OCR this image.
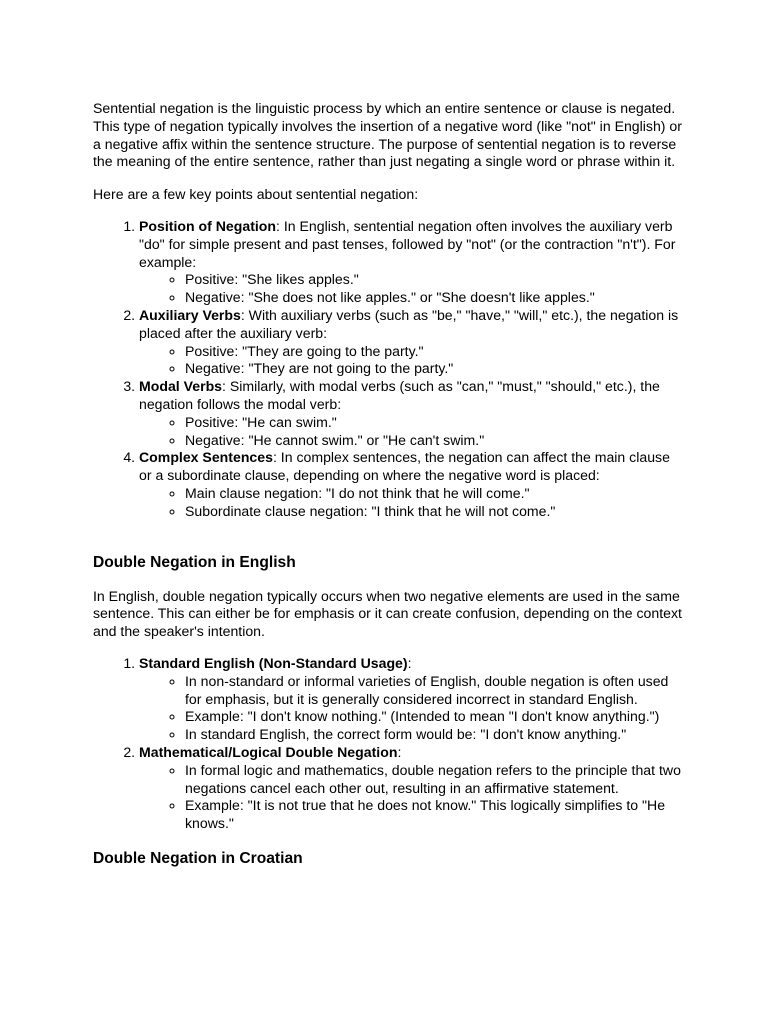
Sentential negation is the linguistic process by which an entire sentence or clause is negated. This type of negation typically involves the insertion of a negative word (like "not" in English) or a negative affix within the sentence structure. The purpose of sentential negation is to reverse the meaning of the entire sentence, rather than just negating a single word or phrase within it.

Here are a few key points about sentential negation:

1. Position of Negation: In English, sentential negation often involves the auxiliary verb "do" for simple present and past tenses, followed by "not" (or the contraction "n't"). For example:
◦ Positive: "She likes apples."
◦ Negative: "She does not like apples." or "She doesn't like apples."
2. Auxiliary Verbs: With auxiliary verbs (such as "be," "have," "will," etc.), the negation is placed after the auxiliary verb:
◦ Positive: "They are going to the party."
◦ Negative: "They are not going to the party."
3. Modal Verbs: Similarly, with modal verbs (such as "can," "must," "should," etc.), the negation follows the modal verb:
◦ Positive: "He can swim."
◦ Negative: "He cannot swim." or "He can't swim."
4. Complex Sentences: In complex sentences, the negation can affect the main clause or a subordinate clause, depending on where the negative word is placed:
◦ Main clause negation: "I do not think that he will come."
◦ Subordinate clause negation: "I think that he will not come."
Double Negation in English

In English, double negation typically occurs when two negative elements are used in the same sentence. This can either be for emphasis or it can create confusion, depending on the context and the speaker's intention.

1. Standard English (Non-Standard Usage):
◦ In non-standard or informal varieties of English, double negation is often used for emphasis, but it is generally considered incorrect in standard English.
◦ Example: "I don't know nothing." (Intended to mean "I don't know anything.")
◦ In standard English, the correct form would be: "I don't know anything."
2. Mathematical/Logical Double Negation:
◦ In formal logic and mathematics, double negation refers to the principle that two negations cancel each other out, resulting in an affirmative statement.
◦ Example: "It is not true that he does not know." This logically simplifies to "He knows."
Double Negation in Croatian
